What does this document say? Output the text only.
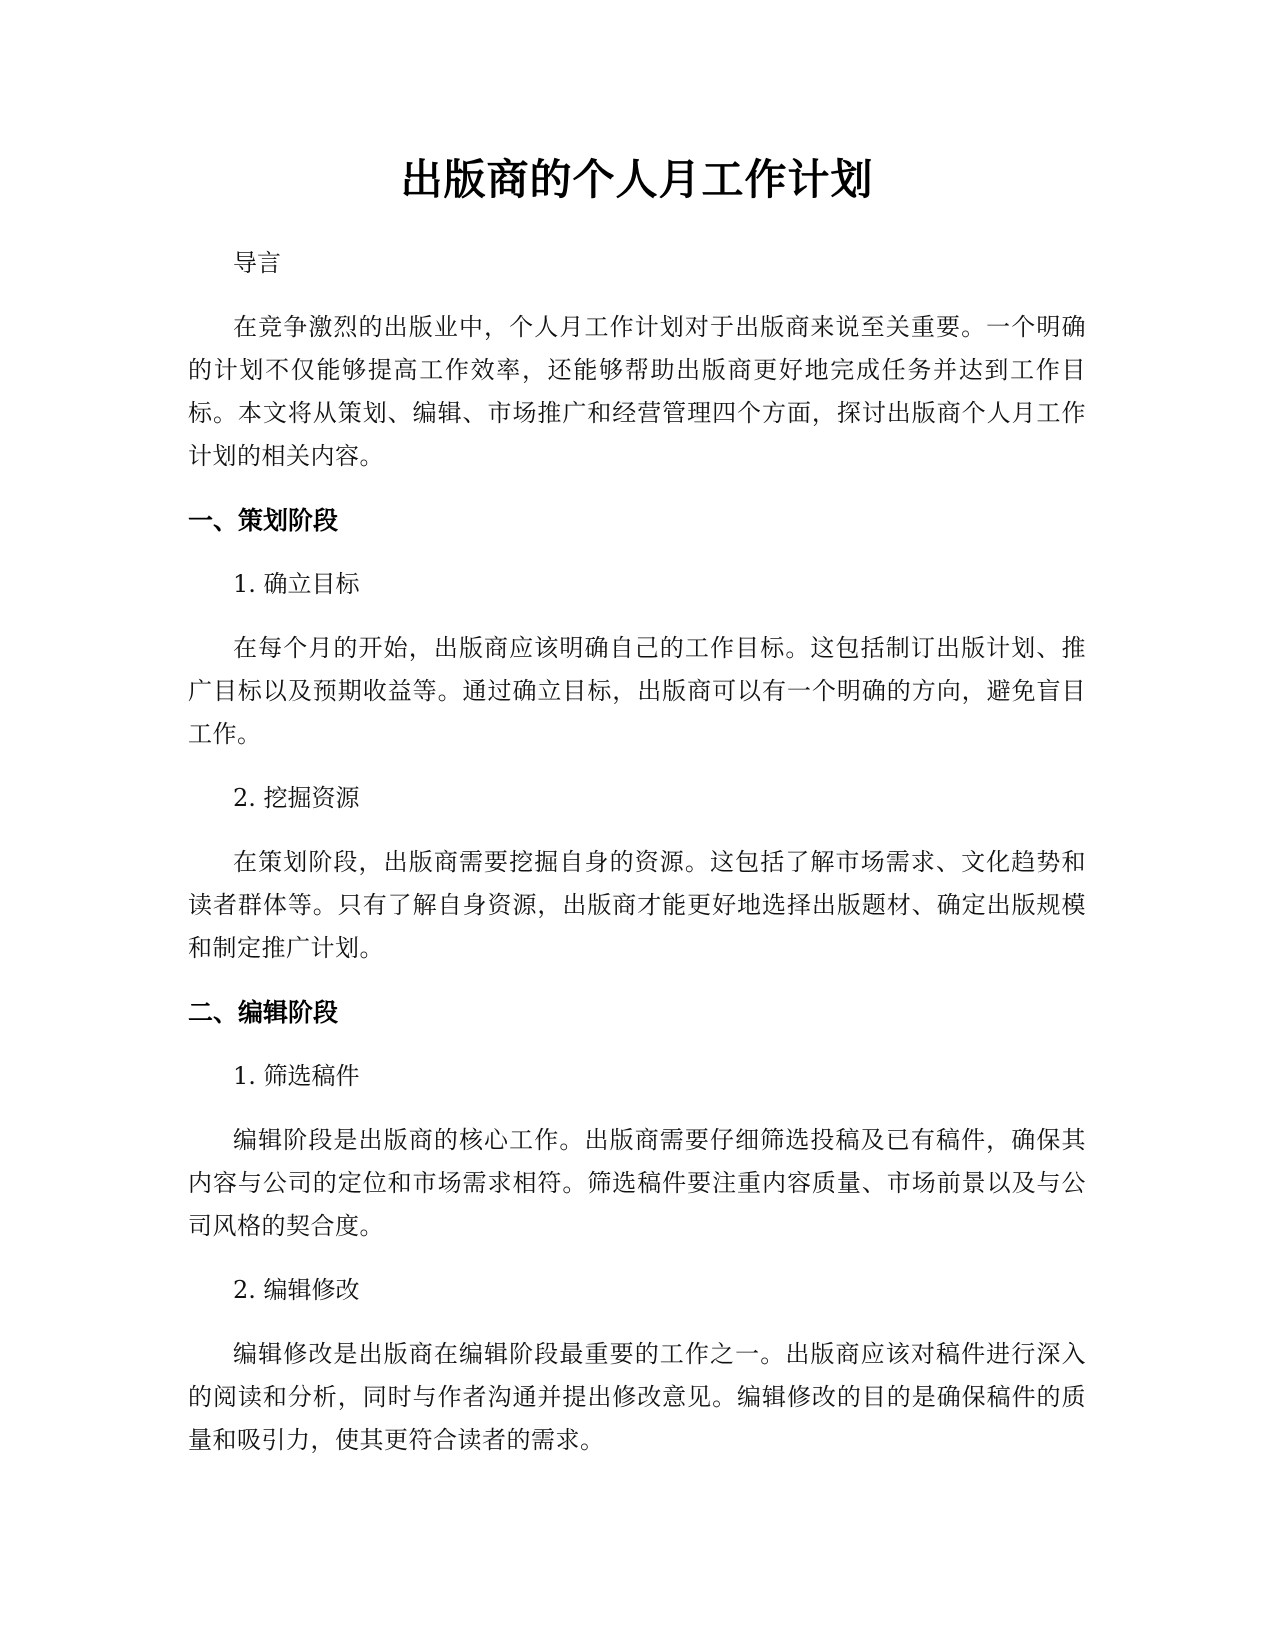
出版商的个人月工作计划

导言

在竞争激烈的出版业中，个人月工作计划对于出版商来说至关重要。一个明确的计划不仅能够提高工作效率，还能够帮助出版商更好地完成任务并达到工作目标。本文将从策划、编辑、市场推广和经营管理四个方面，探讨出版商个人月工作计划的相关内容。

一、策划阶段

1. 确立目标

在每个月的开始，出版商应该明确自己的工作目标。这包括制订出版计划、推广目标以及预期收益等。通过确立目标，出版商可以有一个明确的方向，避免盲目工作。

2. 挖掘资源

在策划阶段，出版商需要挖掘自身的资源。这包括了解市场需求、文化趋势和读者群体等。只有了解自身资源，出版商才能更好地选择出版题材、确定出版规模和制定推广计划。

二、编辑阶段

1. 筛选稿件

编辑阶段是出版商的核心工作。出版商需要仔细筛选投稿及已有稿件，确保其内容与公司的定位和市场需求相符。筛选稿件要注重内容质量、市场前景以及与公司风格的契合度。

2. 编辑修改

编辑修改是出版商在编辑阶段最重要的工作之一。出版商应该对稿件进行深入的阅读和分析，同时与作者沟通并提出修改意见。编辑修改的目的是确保稿件的质量和吸引力，使其更符合读者的需求。
